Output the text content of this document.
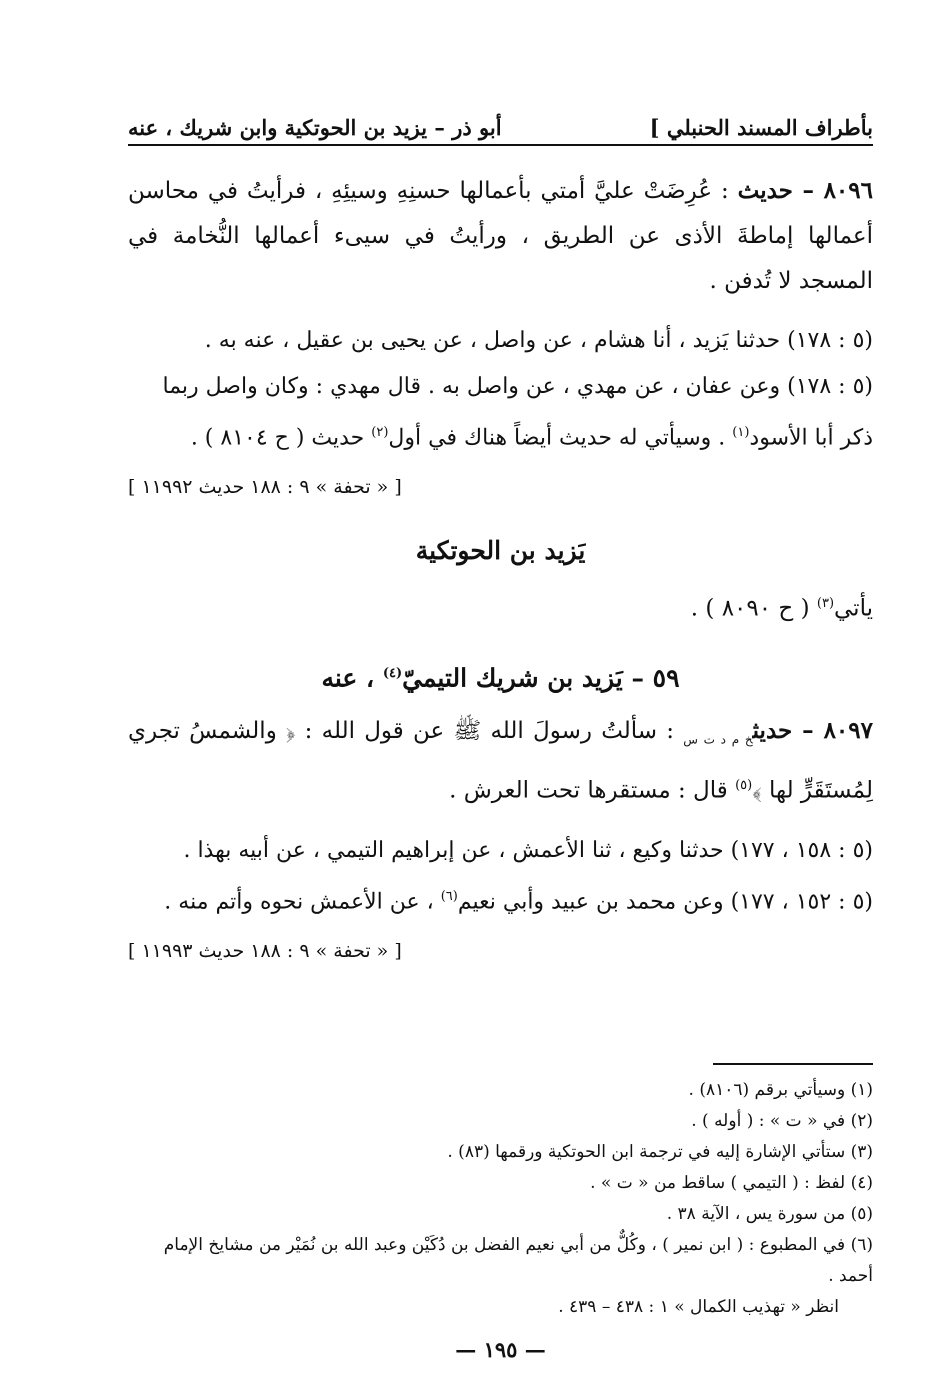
بأطراف المسند الحنبلي ]
أبو ذر – يزيد بن الحوتكية وابن شريك ، عنه

٨٠٩٦ – حديث : عُرِضَتْ عليَّ أمتي بأعمالها حسنِهِ وسيئِهِ ، فرأيتُ في محاسن أعمالها إماطةَ الأذى عن الطريق ، ورأيتُ في سيىء أعمالها النُّخامة في المسجد لا تُدفن .

(٥ : ١٧٨) حدثنا يَزيد ، أنا هشام ، عن واصل ، عن يحيى بن عقيل ، عنه به .

(٥ : ١٧٨) وعن عفان ، عن مهدي ، عن واصل به . قال مهدي : وكان واصل ربما ذكر أبا الأسود$^{(١)}$ . وسيأتي له حديث أيضاً هناك في أول$^{(٢)}$ حديث ( ح ٨١٠٤ ) .

[ « تحفة » ٩ : ١٨٨ حديث ١١٩٩٢ ]

يَزيد بن الحوتكية

يأتي$^{(٣)}$ ( ح ٨٠٩٠ ) .

٥٩ – يَزيد بن شريك التيميّ$^{(٤)}$ ، عنه

٨٠٩٧ – حديث$_{خ م د ت س}$ : سألتُ رسولَ الله ﷺ عن قول الله : ﴿ والشمسُ تجري لِمُستَقَرٍّ لها ﴾$^{(٥)}$ قال : مستقرها تحت العرش .

(٥ : ١٥٨ ، ١٧٧) حدثنا وكيع ، ثنا الأعمش ، عن إبراهيم التيمي ، عن أبيه بهذا .

(٥ : ١٥٢ ، ١٧٧) وعن محمد بن عبيد وأبي نعيم$^{(٦)}$ ، عن الأعمش نحوه وأتم منه .

[ « تحفة » ٩ : ١٨٨ حديث ١١٩٩٣ ]

(١) وسيأتي برقم (٨١٠٦) .

(٢) في « ت » : ( أوله ) .

(٣) ستأتي الإشارة إليه في ترجمة ابن الحوتكية ورقمها (٨٣) .

(٤) لفظ : ( التيمي ) ساقط من « ت » .

(٥) من سورة يس ، الآية ٣٨ .

(٦) في المطبوع : ( ابن نمير ) ، وكُلٌّ من أبي نعيم الفضل بن دُكَيْن وعبد الله بن نُمَيْر من مشايخ الإمام أحمد .

انظر « تهذيب الكمال » ١ : ٤٣٨ – ٤٣٩ .

— ١٩٥ —
